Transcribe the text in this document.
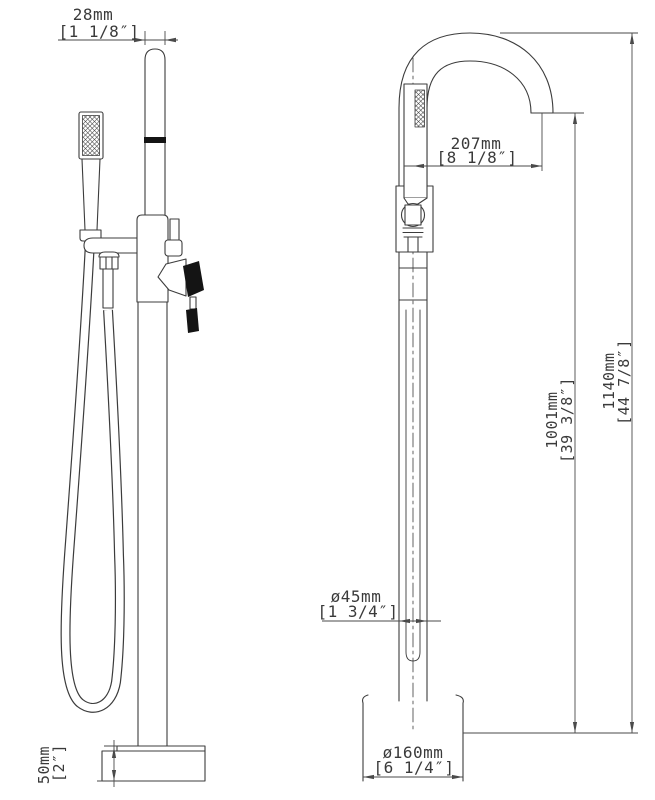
28mm
[1 1/8″]
50mm
[2″]
207mm
[8 1/8″]
1001mm
[39 3/8″] 1140mm
[44 7/8″]
ø45mm
[1 3/4″]
ø160mm
[6 1/4″]
